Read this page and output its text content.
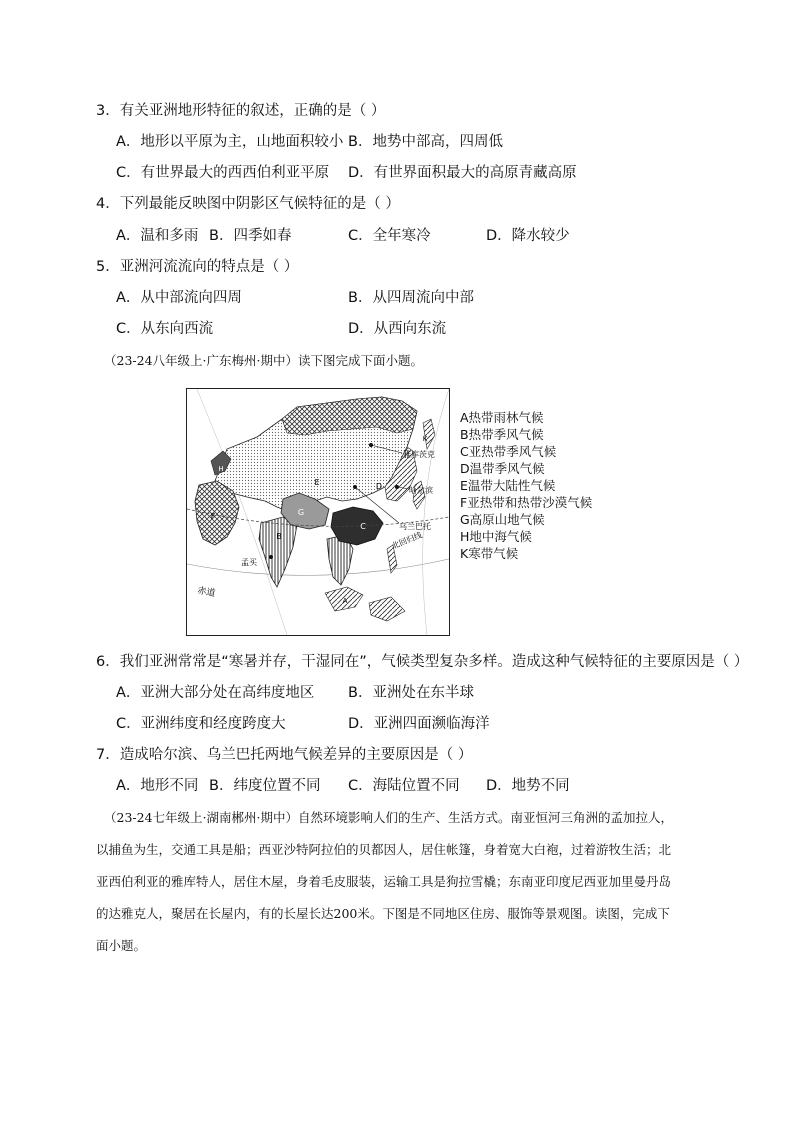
3．有关亚洲地形特征的叙述，正确的是（ ）
A．地形以平原为主，山地面积较小 B．地势中部高，四周低
C．有世界最大的西西伯利亚平原 D．有世界面积最大的高原青藏高原
4．下列最能反映图中阴影区气候特征的是（ ）
A．温和多雨 B．四季如春	C．全年寒冷	D．降水较少
5．亚洲河流流向的特点是（ ）
A．从中部流向四周	B．从四周流向中部
C．从东向西流	D．从西向东流
（23-24八年级上·广东梅州·期中）读下图完成下面小题。
E	D
G
C
B
F
K
H
A
雅库茨克
哈尔滨
乌兰巴托
北回归线
孟买
赤道
A热带雨林气候
B热带季风气候
C亚热带季风气候
D温带季风气候
E温带大陆性气候
F亚热带和热带沙漠气候
G高原山地气候
H地中海气候
K寒带气候
6．我们亚洲常常是“寒暑并存，干湿同在”，气候类型复杂多样。造成这种气候特征的主要原因是（ ）
A．亚洲大部分处在高纬度地区 B．亚洲处在东半球
C．亚洲纬度和经度跨度大	D．亚洲四面濒临海洋
7．造成哈尔滨、乌兰巴托两地气候差异的主要原因是（ ）
A．地形不同 B．纬度位置不同 C．海陆位置不同 D．地势不同
（23-24七年级上·湖南郴州·期中）自然环境影响人们的生产、生活方式。南亚恒河三角洲的孟加拉人，
以捕鱼为生，交通工具是船；西亚沙特阿拉伯的贝都因人，居住帐篷，身着宽大白袍，过着游牧生活；北
亚西伯利亚的雅库特人，居住木屋，身着毛皮服装，运输工具是狗拉雪橇；东南亚印度尼西亚加里曼丹岛
的达雅克人，聚居在长屋内，有的长屋长达200米。下图是不同地区住房、服饰等景观图。读图，完成下
面小题。
